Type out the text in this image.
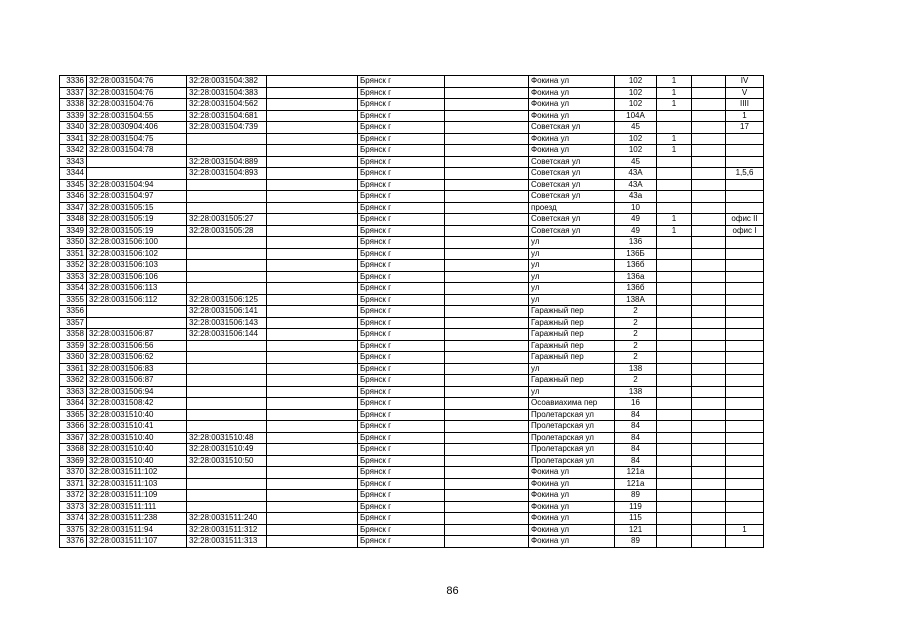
3336	32:28:0031504:76	32:28:0031504:382		Брянск г		Фокина ул	102	1		IV
3337	32:28:0031504:76	32:28:0031504:383		Брянск г		Фокина ул	102	1		V
3338	32:28:0031504:76	32:28:0031504:562		Брянск г		Фокина ул	102	1		IIII
3339	32:28:0031504:55	32:28:0031504:681		Брянск г		Фокина ул	104А			1
3340	32:28:0030904:406	32:28:0031504:739		Брянск г		Советская ул	45			17
3341	32:28:0031504:75			Брянск г		Фокина ул	102	1		
3342	32:28:0031504:78			Брянск г		Фокина ул	102	1		
3343		32:28:0031504:889		Брянск г		Советская ул	45			
3344		32:28:0031504:893		Брянск г		Советская ул	43А			1,5,6
3345	32:28:0031504:94			Брянск г		Советская ул	43А			
3346	32:28:0031504:97			Брянск г		Советская ул	43а			
3347	32:28:0031505:15			Брянск г		проезд	10			
3348	32:28:0031505:19	32:28:0031505:27		Брянск г		Советская ул	49	1		офис II
3349	32:28:0031505:19	32:28:0031505:28		Брянск г		Советская ул	49	1		офис I
3350	32:28:0031506:100			Брянск г		ул	136			
3351	32:28:0031506:102			Брянск г		ул	136Б			
3352	32:28:0031506:103			Брянск г		ул	136б			
3353	32:28:0031506:106			Брянск г		ул	136а			
3354	32:28:0031506:113			Брянск г		ул	136б			
3355	32:28:0031506:112	32:28:0031506:125		Брянск г		ул	138А			
3356		32:28:0031506:141		Брянск г		Гаражный пер	2			
3357		32:28:0031506:143		Брянск г		Гаражный пер	2			
3358	32:28:0031506:87	32:28:0031506:144		Брянск г		Гаражный пер	2			
3359	32:28:0031506:56			Брянск г		Гаражный пер	2			
3360	32:28:0031506:62			Брянск г		Гаражный пер	2			
3361	32:28:0031506:83			Брянск г		ул	138			
3362	32:28:0031506:87			Брянск г		Гаражный пер	2			
3363	32:28:0031506:94			Брянск г		ул	138			
3364	32:28:0031508:42			Брянск г		Осоавиахима пер	16			
3365	32:28:0031510:40			Брянск г		Пролетарская ул	84			
3366	32:28:0031510:41			Брянск г		Пролетарская ул	84			
3367	32:28:0031510:40	32:28:0031510:48		Брянск г		Пролетарская ул	84			
3368	32:28:0031510:40	32:28:0031510:49		Брянск г		Пролетарская ул	84			
3369	32:28:0031510:40	32:28:0031510:50		Брянск г		Пролетарская ул	84			
3370	32:28:0031511:102			Брянск г		Фокина ул	121а			
3371	32:28:0031511:103			Брянск г		Фокина ул	121а			
3372	32:28:0031511:109			Брянск г		Фокина ул	89			
3373	32:28:0031511:111			Брянск г		Фокина ул	119			
3374	32:28:0031511:238	32:28:0031511:240		Брянск г		Фокина ул	115			
3375	32:28:0031511:94	32:28:0031511:312		Брянск г		Фокина ул	121			1
3376	32:28:0031511:107	32:28:0031511:313		Брянск г		Фокина ул	89			
86
